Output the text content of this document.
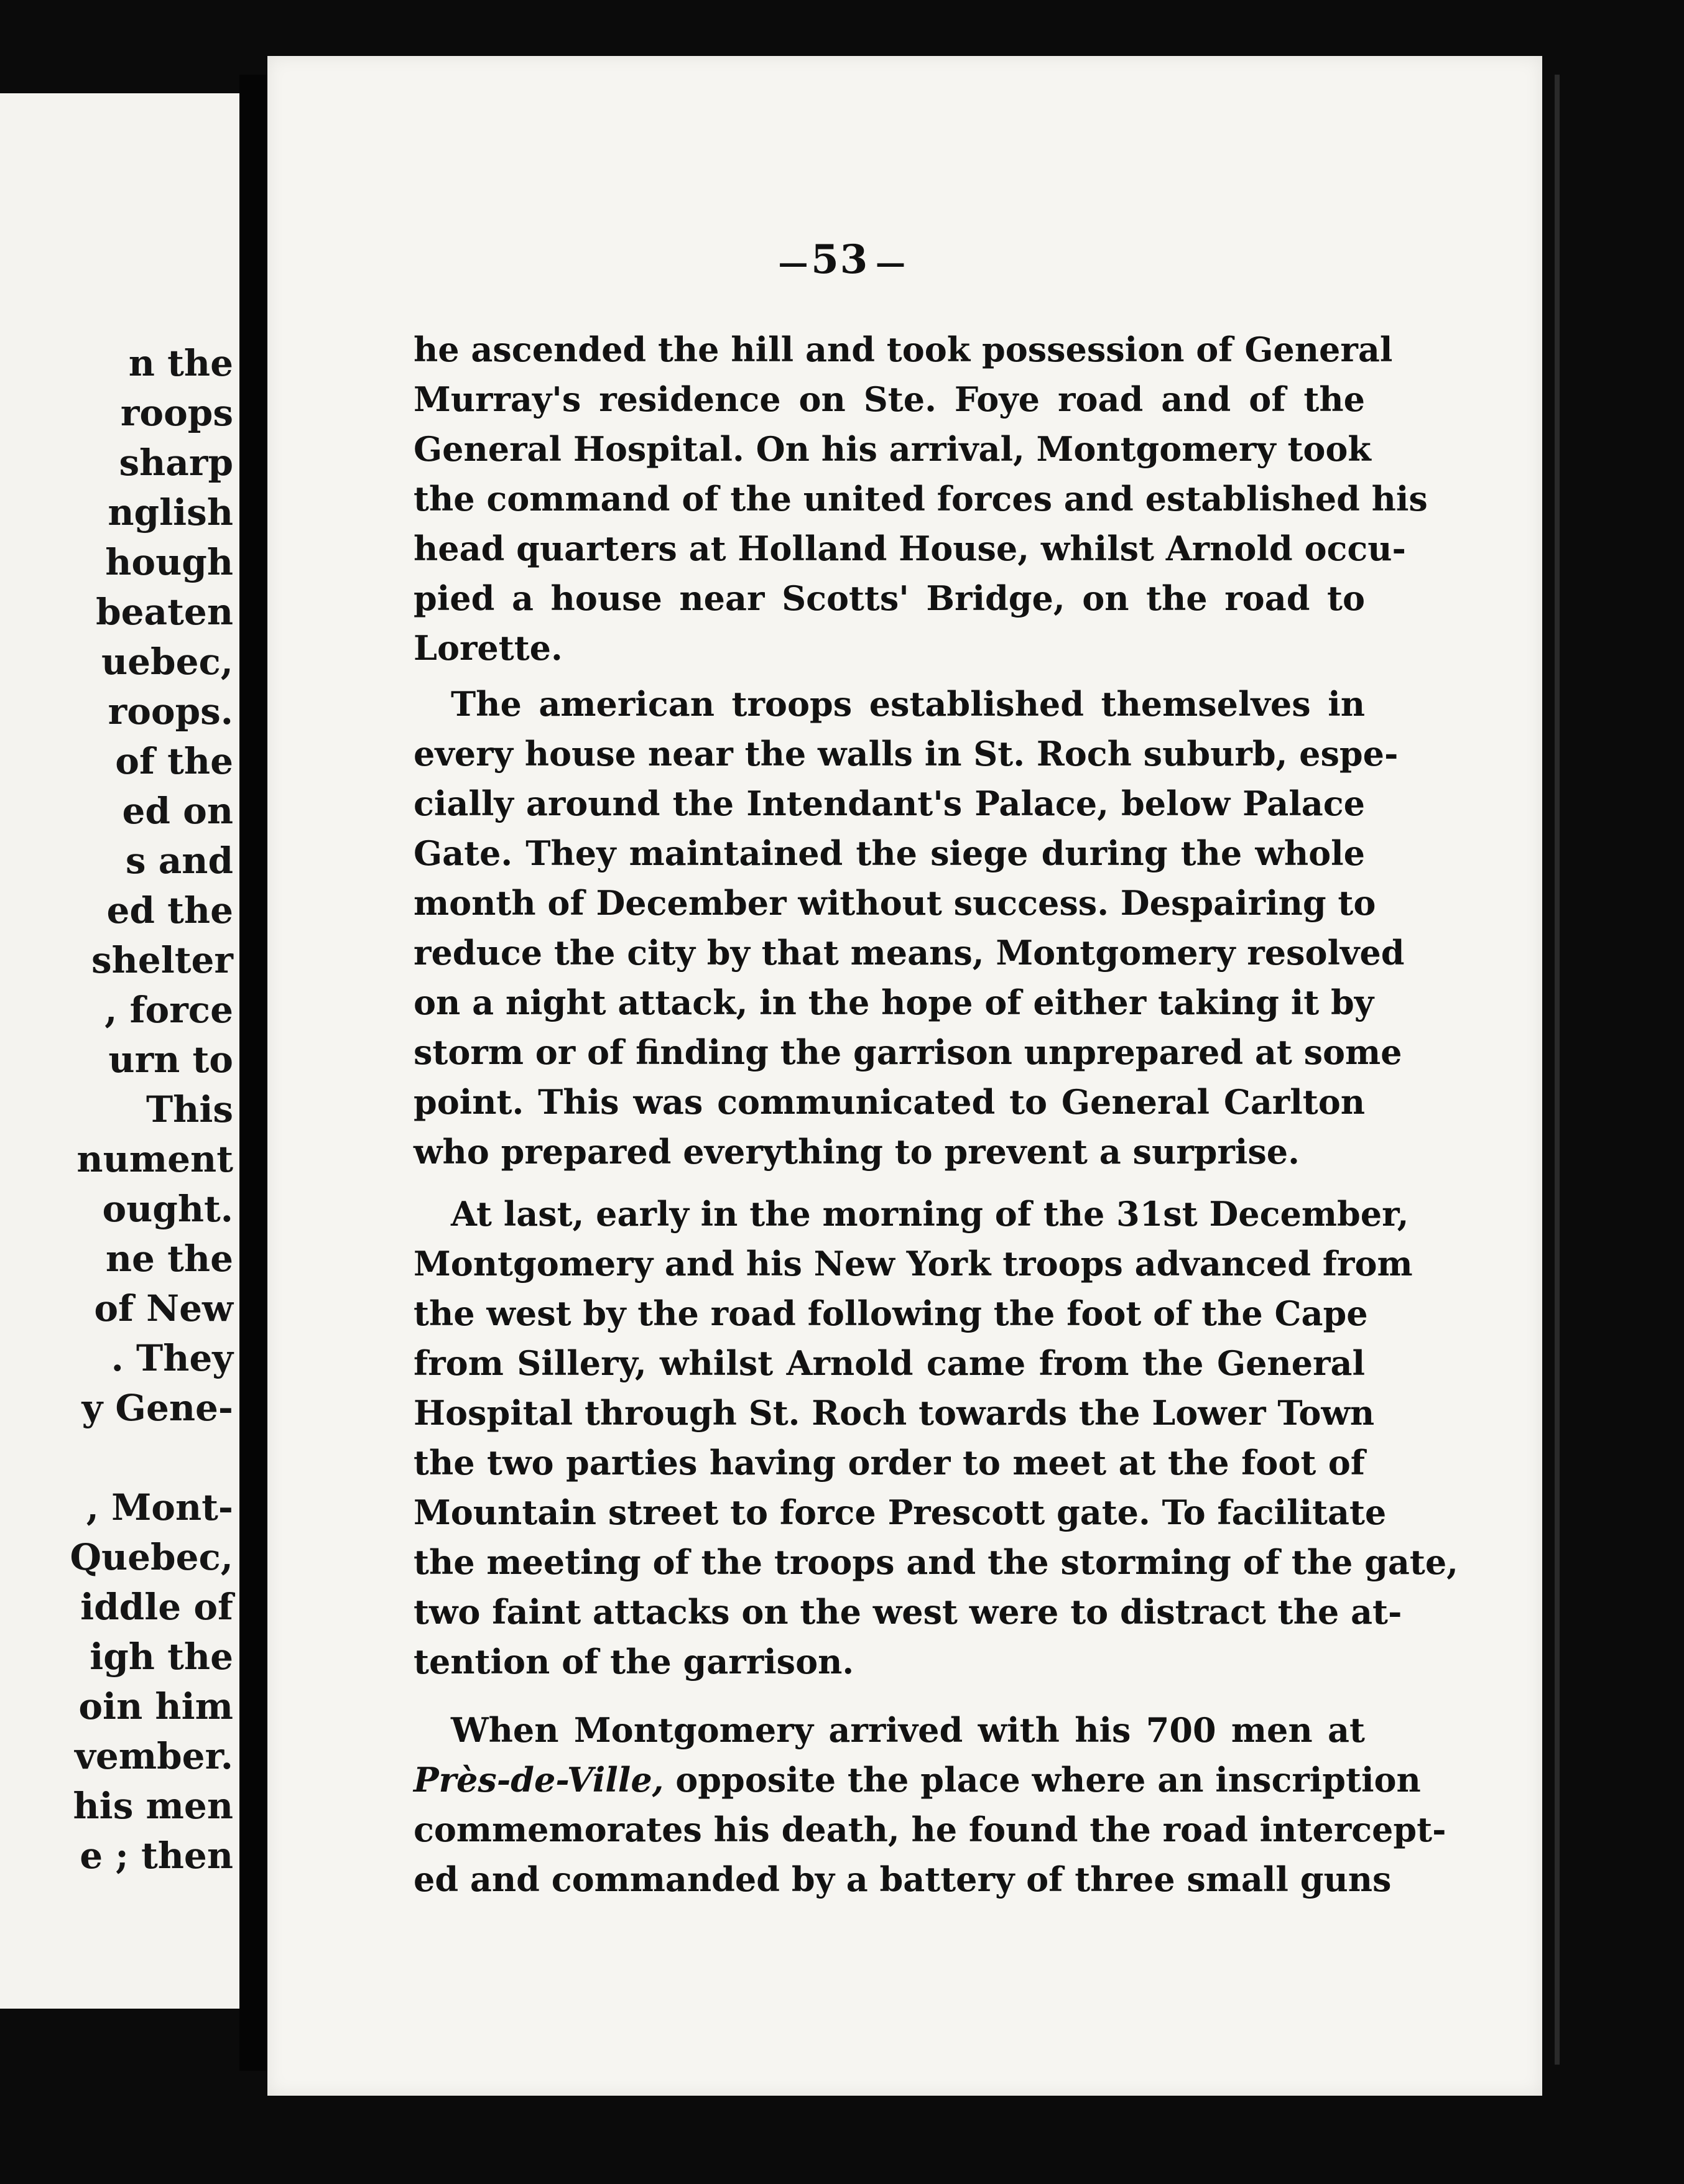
n the
roops
sharp
nglish
hough
beaten
uebec,
roops.
of the
ed on
s and
ed the
shelter
, force
urn to
This
nument
ought.
ne the
of New
. They
y Gene-
, Mont-
Quebec,
iddle of
igh the
oin him
vember.
his men
e ; then
— 53 —
he ascended the hill and took possession of General
Murray's residence on Ste. Foye road and of the
General Hospital. On his arrival, Montgomery took
the command of the united forces and established his
head quarters at Holland House, whilst Arnold occu-
pied a house near Scotts' Bridge, on the road to
Lorette.
The american troops established themselves in
every house near the walls in St. Roch suburb, espe-
cially around the Intendant's Palace, below Palace
Gate. They maintained the siege during the whole
month of December without success. Despairing to
reduce the city by that means, Montgomery resolved
on a night attack, in the hope of either taking it by
storm or of finding the garrison unprepared at some
point. This was communicated to General Carlton
who prepared everything to prevent a surprise.
At last, early in the morning of the 31st December,
Montgomery and his New York troops advanced from
the west by the road following the foot of the Cape
from Sillery, whilst Arnold came from the General
Hospital through St. Roch towards the Lower Town
the two parties having order to meet at the foot of
Mountain street to force Prescott gate. To facilitate
the meeting of the troops and the storming of the gate,
two faint attacks on the west were to distract the at-
tention of the garrison.
When Montgomery arrived with his 700 men at
Près-de-Ville, opposite the place where an inscription
commemorates his death, he found the road intercept-
ed and commanded by a battery of three small guns
